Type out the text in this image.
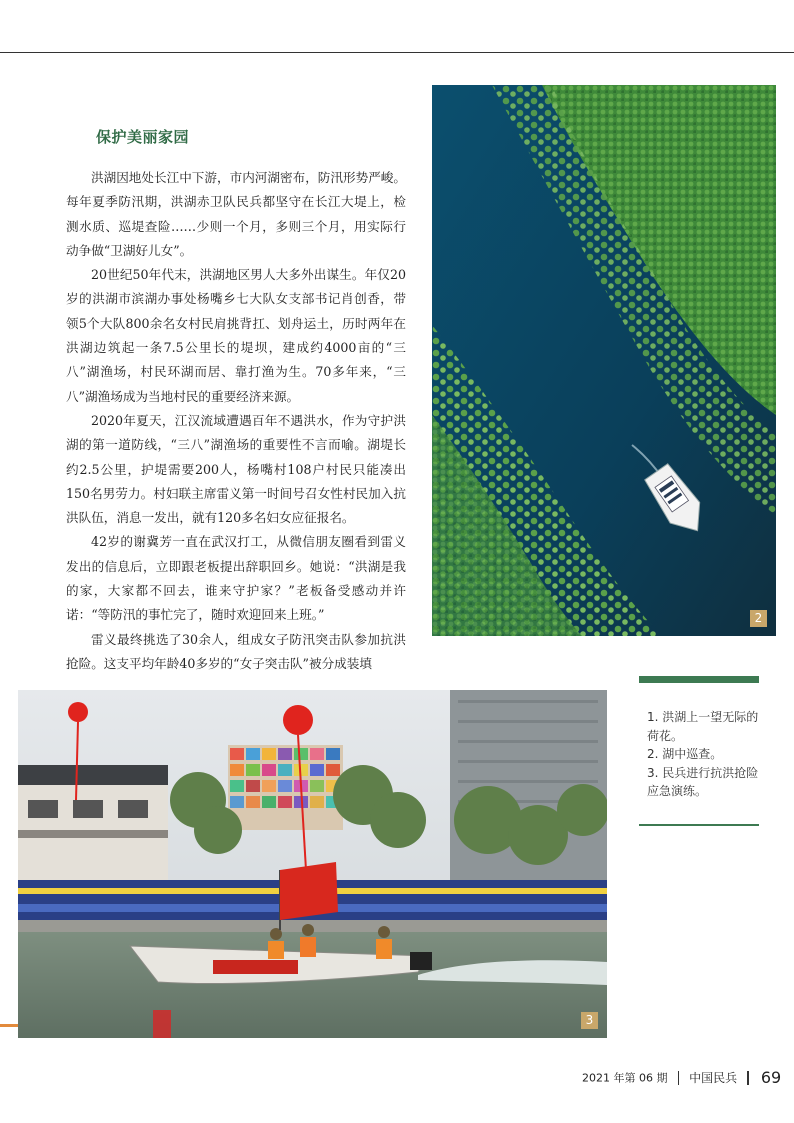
保护美丽家园

洪湖因地处长江中下游，市内河湖密布，防汛形势严峻。每年夏季防汛期，洪湖赤卫队民兵都坚守在长江大堤上，检测水质、巡堤查险……少则一个月，多则三个月，用实际行动争做“卫湖好儿女”。

20世纪50年代末，洪湖地区男人大多外出谋生。年仅20岁的洪湖市滨湖办事处杨嘴乡七大队女支部书记肖创香，带领5个大队800余名女村民肩挑背扛、划舟运土，历时两年在洪湖边筑起一条7.5公里长的堤坝，建成约4000亩的“三八”湖渔场，村民环湖而居、靠打渔为生。70多年来，“三八”湖渔场成为当地村民的重要经济来源。

2020年夏天，江汉流域遭遇百年不遇洪水，作为守护洪湖的第一道防线，“三八”湖渔场的重要性不言而喻。湖堤长约2.5公里，护堤需要200人，杨嘴村108户村民只能凑出150名男劳力。村妇联主席雷义第一时间号召女性村民加入抗洪队伍，消息一发出，就有120多名妇女应征报名。

42岁的谢冀芳一直在武汉打工，从微信朋友圈看到雷义发出的信息后，立即跟老板提出辞职回乡。她说：“洪湖是我的家，大家都不回去，谁来守护家？”老板备受感动并许诺：“等防汛的事忙完了，随时欢迎回来上班。”

雷义最终挑选了30余人，组成女子防汛突击队参加抗洪抢险。这支平均年龄40多岁的“女子突击队”被分成装填

2
3
1. 洪湖上一望无际的荷花。
2. 湖中巡查。
3. 民兵进行抗洪抢险应急演练。
2021 年第 06 期 中国民兵 69
